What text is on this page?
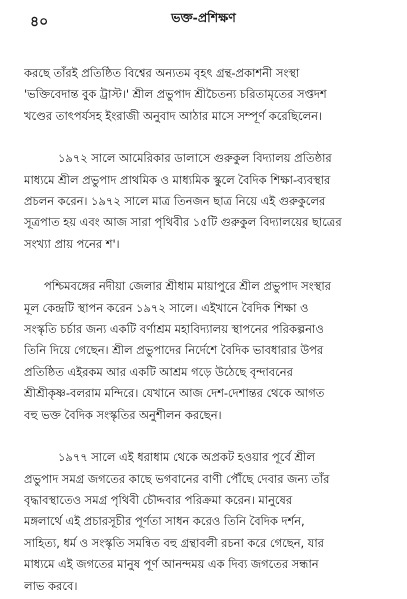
৪০	ভক্ত-প্রশিক্ষণ

করছে তাঁরই প্রতিষ্ঠিত বিশ্বের অন্যতম বৃহৎ গ্রন্থ-প্রকাশনী সংস্থা
'ভক্তিবেদান্ত বুক ট্রাস্ট।' শ্রীল প্রভুপাদ শ্রীচৈতন্য চরিতামৃতের সপ্তদশ
খণ্ডের তাৎপর্যসহ ইংরাজী অনুবাদ আঠার মাসে সম্পূর্ণ করেছিলেন।

১৯৭২ সালে আমেরিকার ডালাসে গুরুকুল বিদ্যালয় প্রতিষ্ঠার
মাধ্যমে শ্রীল প্রভুপাদ প্রাথমিক ও মাধ্যমিক স্কুলে বৈদিক শিক্ষা-ব্যবস্থার
প্রচলন করেন। ১৯৭২ সালে মাত্র তিনজন ছাত্র নিয়ে এই গুরুকুলের
সূত্রপাত হয় এবং আজ সারা পৃথিবীর ১৫টি গুরুকুল বিদ্যালয়ের ছাত্রের
সংখ্যা প্রায় পনের শ'।

পশ্চিমবঙ্গের নদীয়া জেলার শ্রীধাম মায়াপুরে শ্রীল প্রভুপাদ সংস্থার
মূল কেন্দ্রটি স্থাপন করেন ১৯৭২ সালে। এইখানে বৈদিক শিক্ষা ও
সংস্কৃতি চর্চার জন্য একটি বর্ণাশ্রম মহাবিদ্যালয় স্থাপনের পরিকল্পনাও
তিনি দিয়ে গেছেন। শ্রীল প্রভুপাদের নির্দেশে বৈদিক ভাবধারার উপর
প্রতিষ্ঠিত এইরকম আর একটি আশ্রম গড়ে উঠেছে বৃন্দাবনের
শ্রীশ্রীকৃষ্ণ-বলরাম মন্দিরে। যেখানে আজ দেশ-দেশান্তর থেকে আগত
বহু ভক্ত বৈদিক সংস্কৃতির অনুশীলন করছেন।

১৯৭৭ সালে এই ধরাধাম থেকে অপ্রকট হওয়ার পূর্বে শ্রীল
প্রভুপাদ সমগ্র জগতের কাছে ভগবানের বাণী পৌঁছে দেবার জন্য তাঁর
বৃদ্ধাবস্থাতেও সমগ্র পৃথিবী চৌদ্দবার পরিক্রমা করেন। মানুষের
মঙ্গলার্থে এই প্রচারসূচীর পূর্ণতা সাধন করেও তিনি বৈদিক দর্শন,
সাহিত্য, ধর্ম ও সংস্কৃতি সমন্বিত বহু গ্রন্থাবলী রচনা করে গেছেন, যার
মাধ্যমে এই জগতের মানুষ পূর্ণ আনন্দময় এক দিব্য জগতের সন্ধান
লাভ করবে।
